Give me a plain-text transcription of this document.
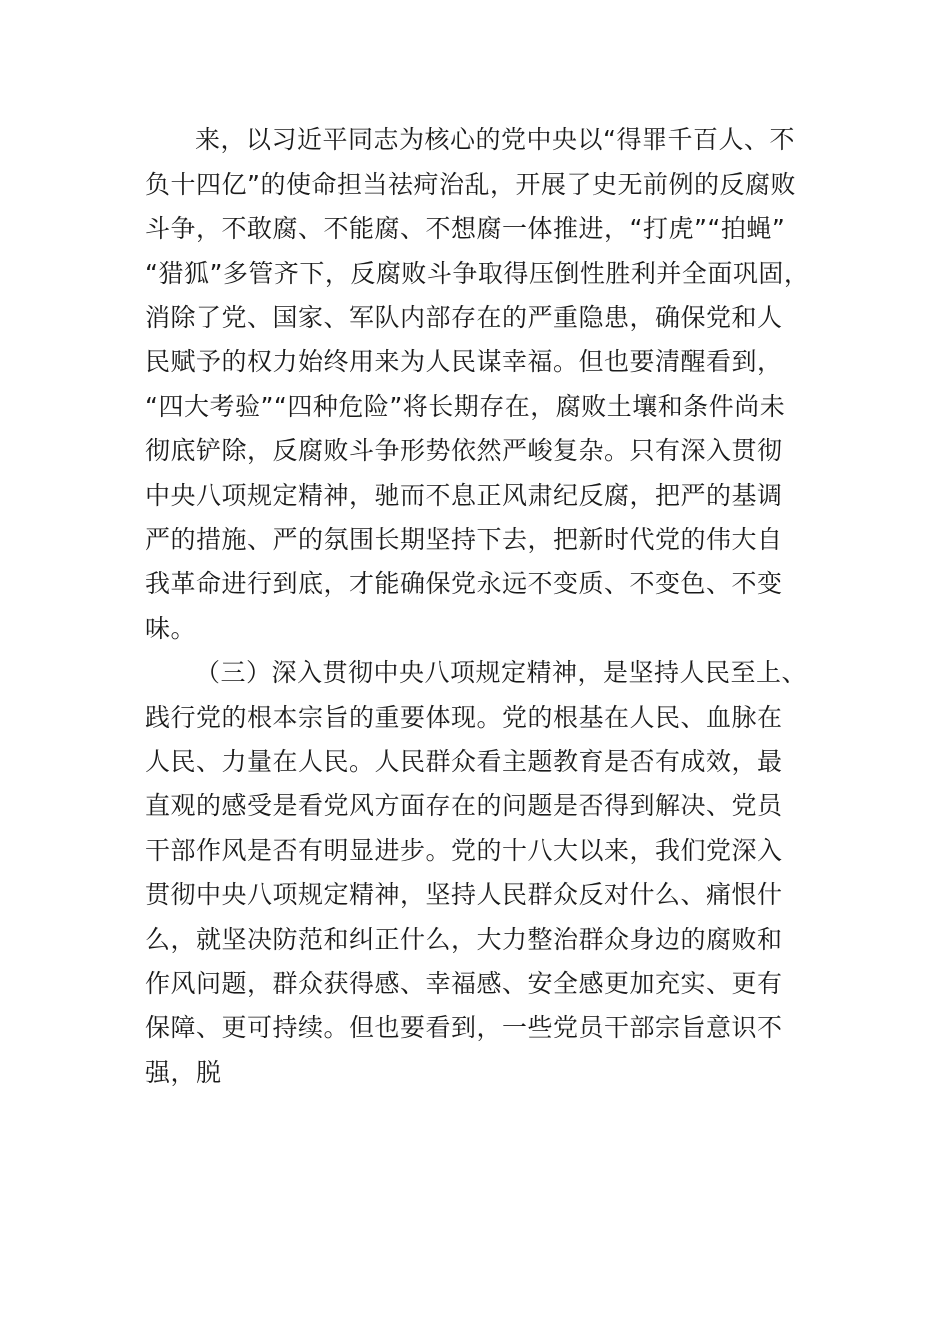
来，以习近平同志为核心的党中央以“得罪千百人、不
负十四亿”的使命担当祛疴治乱，开展了史无前例的反腐败
斗争，不敢腐、不能腐、不想腐一体推进，“打虎”“拍蝇”
“猎狐”多管齐下，反腐败斗争取得压倒性胜利并全面巩固，
消除了党、国家、军队内部存在的严重隐患，确保党和人
民赋予的权力始终用来为人民谋幸福。但也要清醒看到，
“四大考验”“四种危险”将长期存在，腐败土壤和条件尚未
彻底铲除，反腐败斗争形势依然严峻复杂。只有深入贯彻
中央八项规定精神，驰而不息正风肃纪反腐，把严的基调
严的措施、严的氛围长期坚持下去，把新时代党的伟大自
我革命进行到底，才能确保党永远不变质、不变色、不变
味。
（三）深入贯彻中央八项规定精神，是坚持人民至上、
践行党的根本宗旨的重要体现。党的根基在人民、血脉在
人民、力量在人民。人民群众看主题教育是否有成效，最
直观的感受是看党风方面存在的问题是否得到解决、党员
干部作风是否有明显进步。党的十八大以来，我们党深入
贯彻中央八项规定精神，坚持人民群众反对什么、痛恨什
么，就坚决防范和纠正什么，大力整治群众身边的腐败和
作风问题，群众获得感、幸福感、安全感更加充实、更有
保障、更可持续。但也要看到，一些党员干部宗旨意识不
强，脱
